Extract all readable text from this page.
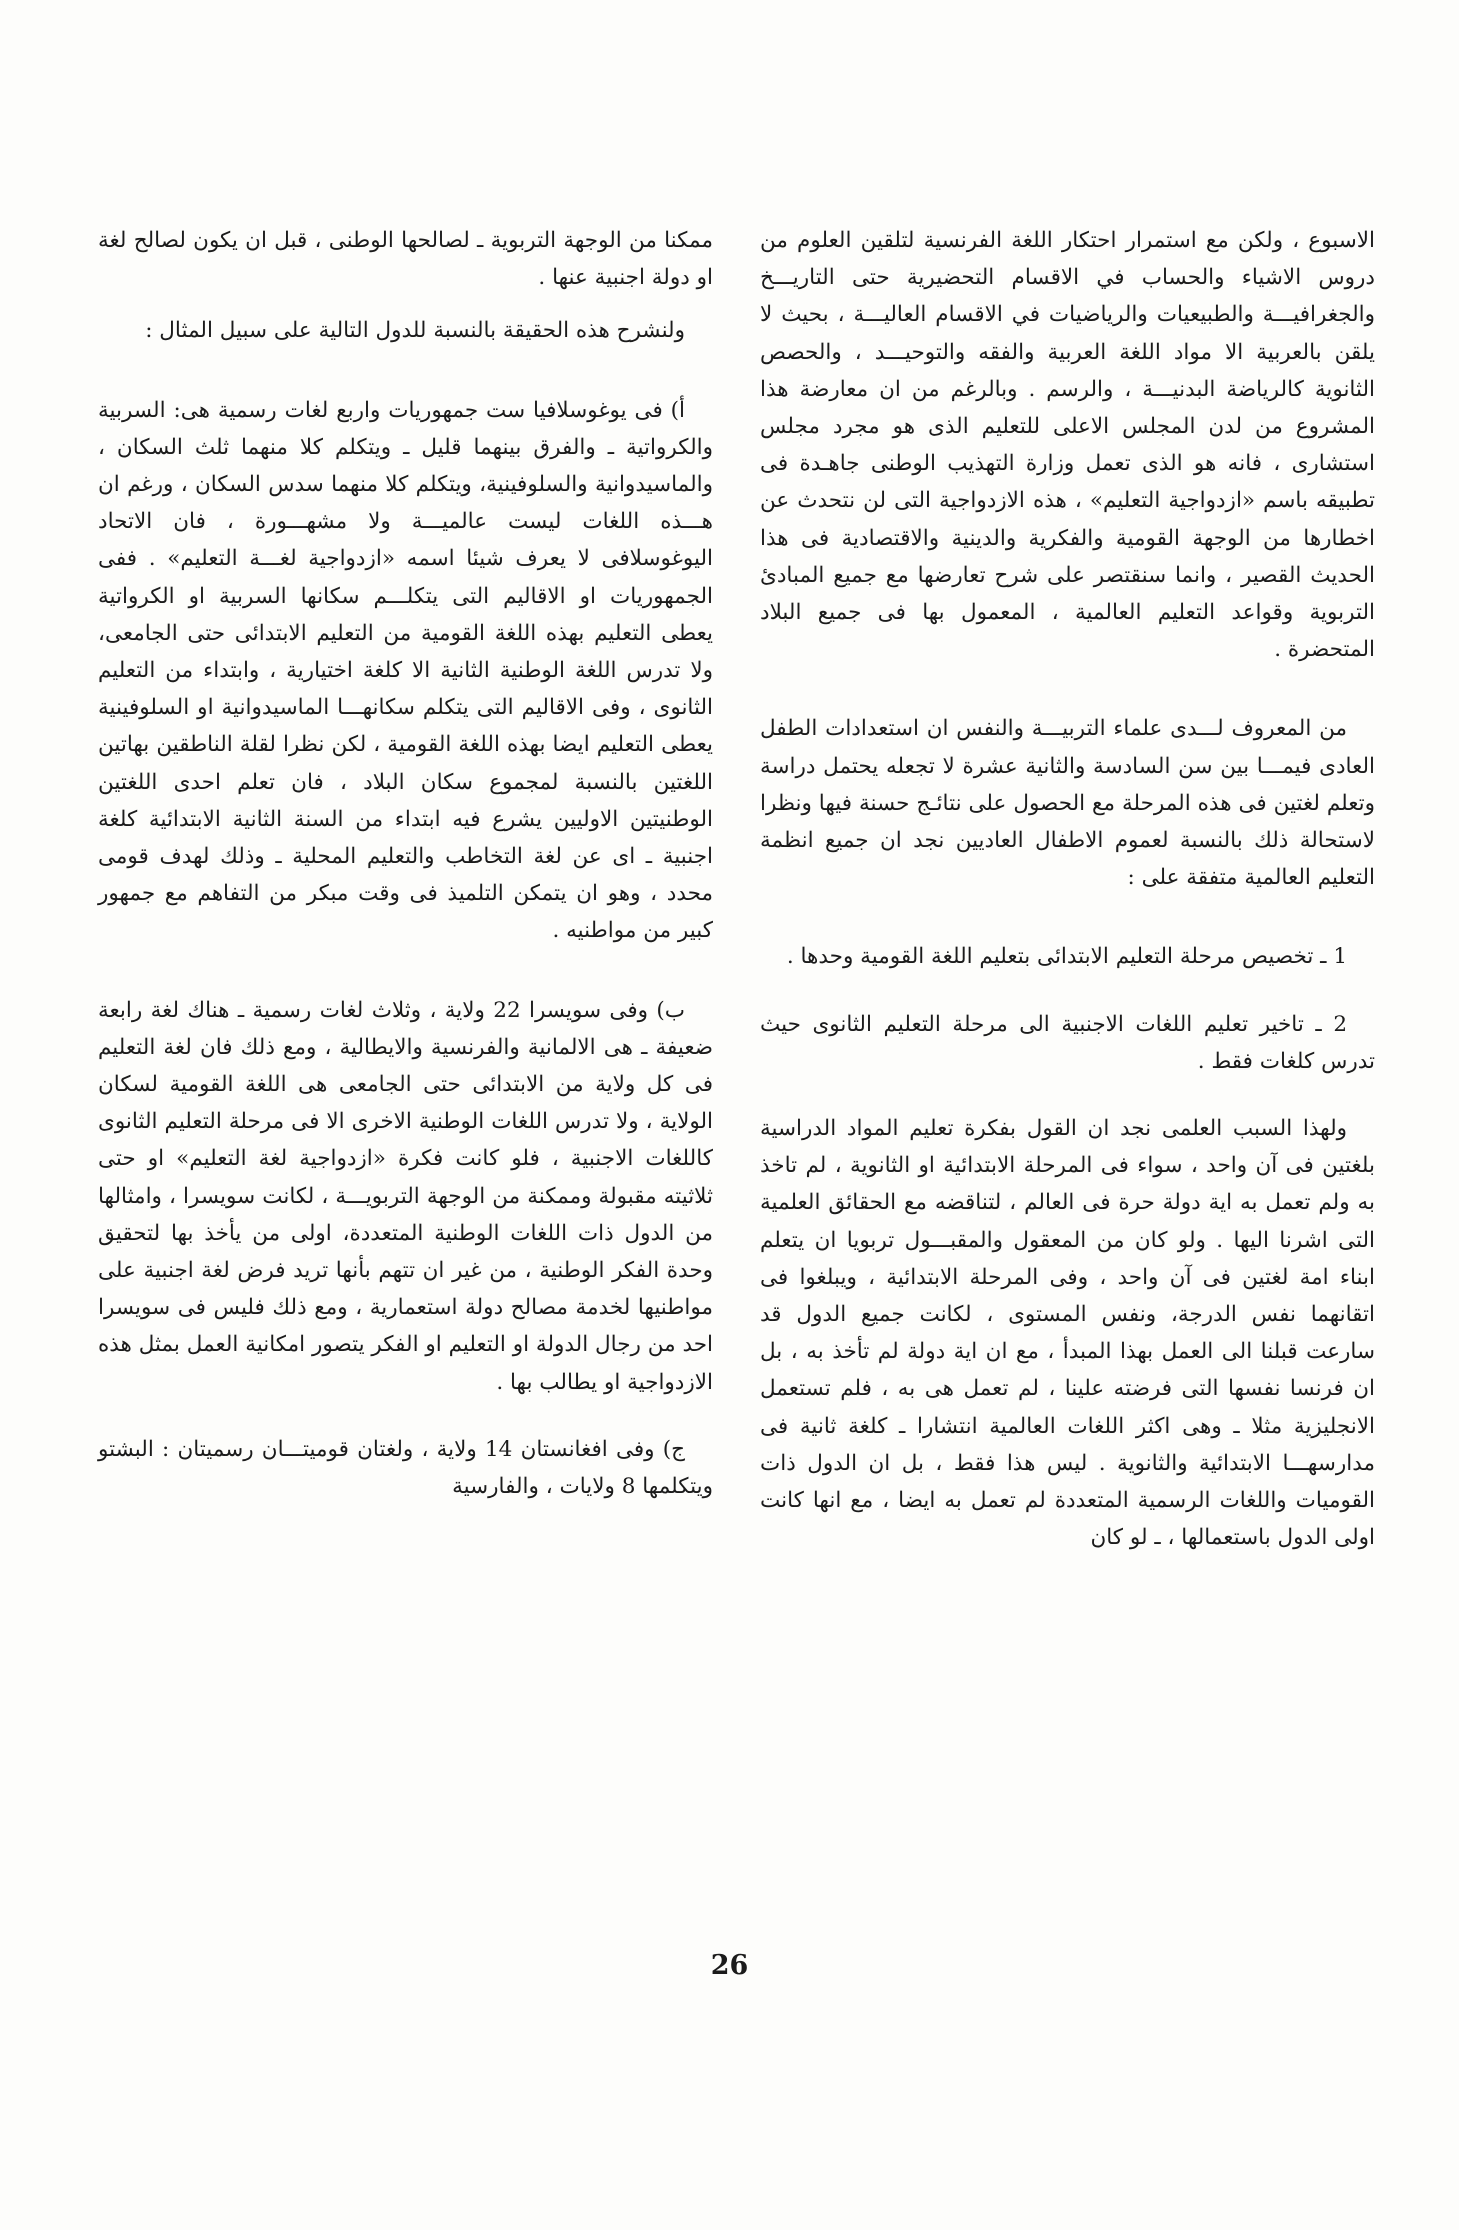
الاسبوع ، ولكن مع استمرار احتكار اللغة الفرنسية لتلقين العلوم من دروس الاشياء والحساب في الاقسام التحضيرية حتى التاريـــخ والجغرافيـــة والطبيعيات والرياضيات في الاقسام العاليـــة ، بحيث لا يلقن بالعربية الا مواد اللغة العربية والفقه والتوحيـــد ، والحصص الثانوية كالرياضة البدنيـــة ، والرسم . وبالرغم من ان معارضة هذا المشروع من لدن المجلس الاعلى للتعليم الذى هو مجرد مجلس استشارى ، فانه هو الذى تعمل وزارة التهذيب الوطنى جاهـدة فى تطبيقه باسم «ازدواجية التعليم» ، هذه الازدواجية التى لن نتحدث عن اخطارها من الوجهة القومية والفكرية والدينية والاقتصادية فى هذا الحديث القصير ، وانما سنقتصر على شرح تعارضها مع جميع المبادئ التربوية وقواعد التعليم العالمية ، المعمول بها فى جميع البلاد المتحضرة .

من المعروف لـــدى علماء التربيـــة والنفس ان استعدادات الطفل العادى فيمـــا بين سن السادسة والثانية عشرة لا تجعله يحتمل دراسة وتعلم لغتين فى هذه المرحلة مع الحصول على نتائـج حسنة فيها ونظرا لاستحالة ذلك بالنسبة لعموم الاطفال العاديين نجد ان جميع انظمة التعليم العالمية متفقة على :

1 ـ تخصيص مرحلة التعليم الابتدائى بتعليم اللغة القومية وحدها .

2 ـ تاخير تعليم اللغات الاجنبية الى مرحلة التعليم الثانوى حيث تدرس كلغات فقط .

ولهذا السبب العلمى نجد ان القول بفكرة تعليم المواد الدراسية بلغتين فى آن واحد ، سواء فى المرحلة الابتدائية او الثانوية ، لم تاخذ به ولم تعمل به اية دولة حرة فى العالم ، لتناقضه مع الحقائق العلمية التى اشرنا اليها . ولو كان من المعقول والمقبـــول تربويا ان يتعلم ابناء امة لغتين فى آن واحد ، وفى المرحلة الابتدائية ، ويبلغوا فى اتقانهما نفس الدرجة، ونفس المستوى ، لكانت جميع الدول قد سارعت قبلنا الى العمل بهذا المبدأ ، مع ان اية دولة لم تأخذ به ، بل ان فرنسا نفسها التى فرضته علينا ، لم تعمل هى به ، فلم تستعمل الانجليزية مثلا ـ وهى اكثر اللغات العالمية انتشارا ـ كلغة ثانية فى مدارسهـــا الابتدائية والثانوية . ليس هذا فقط ، بل ان الدول ذات القوميات واللغات الرسمية المتعددة لم تعمل به ايضا ، مع انها كانت اولى الدول باستعمالها ، ـ لو كان

ممكنا من الوجهة التربوية ـ لصالحها الوطنى ، قبل ان يكون لصالح لغة او دولة اجنبية عنها .

ولنشرح هذه الحقيقة بالنسبة للدول التالية على سبيل المثال :

أ) فى يوغوسلافيا ست جمهوريات واربع لغات رسمية هى: السربية والكرواتية ـ والفرق بينهما قليل ـ ويتكلم كلا منهما ثلث السكان ، والماسيدوانية والسلوفينية، ويتكلم كلا منهما سدس السكان ، ورغم ان هـــذه اللغات ليست عالميـــة ولا مشهـــورة ، فان الاتحاد اليوغوسلافى لا يعرف شيئا اسمه «ازدواجية لغـــة التعليم» . ففى الجمهوريات او الاقاليم التى يتكلـــم سكانها السربية او الكرواتية يعطى التعليم بهذه اللغة القومية من التعليم الابتدائى حتى الجامعى، ولا تدرس اللغة الوطنية الثانية الا كلغة اختيارية ، وابتداء من التعليم الثانوى ، وفى الاقاليم التى يتكلم سكانهـــا الماسيدوانية او السلوفينية يعطى التعليم ايضا بهذه اللغة القومية ، لكن نظرا لقلة الناطقين بهاتين اللغتين بالنسبة لمجموع سكان البلاد ، فان تعلم احدى اللغتين الوطنيتين الاوليين يشرع فيه ابتداء من السنة الثانية الابتدائية كلغة اجنبية ـ اى عن لغة التخاطب والتعليم المحلية ـ وذلك لهدف قومى محدد ، وهو ان يتمكن التلميذ فى وقت مبكر من التفاهم مع جمهور كبير من مواطنيه .

ب) وفى سويسرا 22 ولاية ، وثلاث لغات رسمية ـ هناك لغة رابعة ضعيفة ـ هى الالمانية والفرنسية والايطالية ، ومع ذلك فان لغة التعليم فى كل ولاية من الابتدائى حتى الجامعى هى اللغة القومية لسكان الولاية ، ولا تدرس اللغات الوطنية الاخرى الا فى مرحلة التعليم الثانوى كاللغات الاجنبية ، فلو كانت فكرة «ازدواجية لغة التعليم» او حتى ثلاثيته مقبولة وممكنة من الوجهة التربويـــة ، لكانت سويسرا ، وامثالها من الدول ذات اللغات الوطنية المتعددة، اولى من يأخذ بها لتحقيق وحدة الفكر الوطنية ، من غير ان تتهم بأنها تريد فرض لغة اجنبية على مواطنيها لخدمة مصالح دولة استعمارية ، ومع ذلك فليس فى سويسرا احد من رجال الدولة او التعليم او الفكر يتصور امكانية العمل بمثل هذه الازدواجية او يطالب بها .

ج) وفى افغانستان 14 ولاية ، ولغتان قوميتـــان رسميتان : البشتو ويتكلمها 8 ولايات ، والفارسية

26
